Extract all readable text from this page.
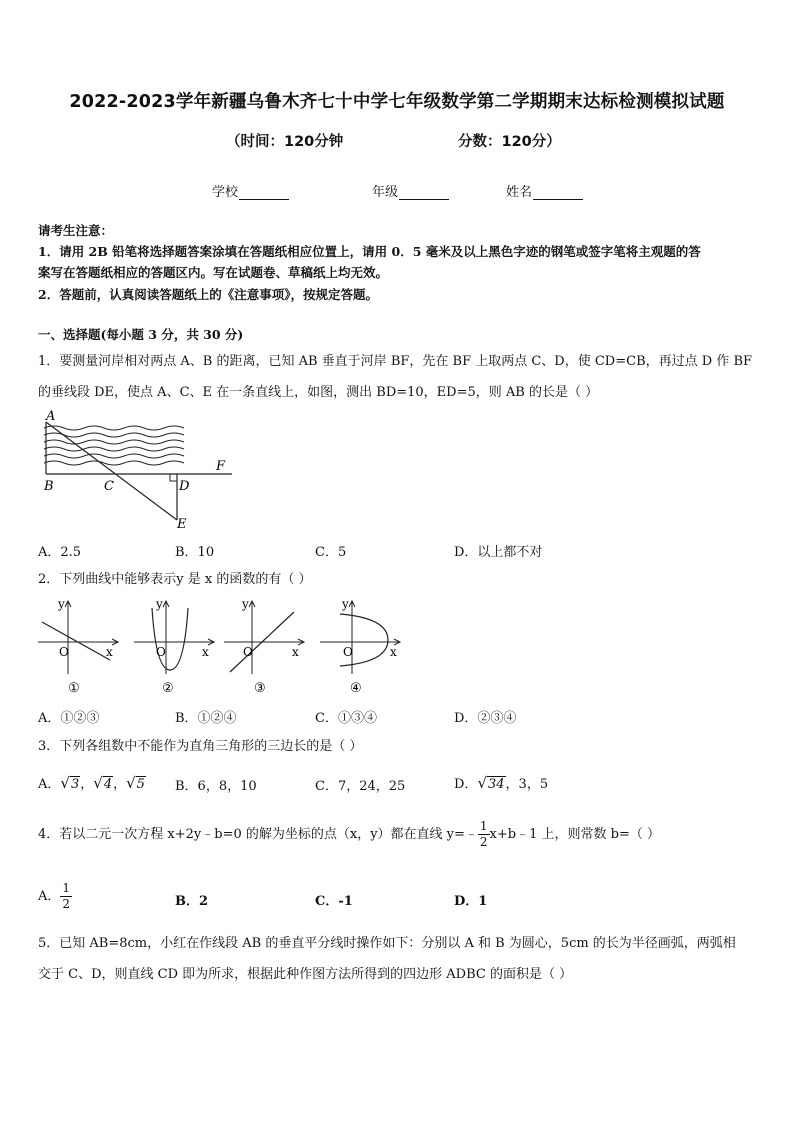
2022-2023学年新疆乌鲁木齐七十中学七年级数学第二学期期末达标检测模拟试题
（时间：120分钟	分数：120分）
学校	年级	姓名
请考生注意：
1．请用 2B 铅笔将选择题答案涂填在答题纸相应位置上，请用 0．5 毫米及以上黑色字迹的钢笔或签字笔将主观题的答
案写在答题纸相应的答题区内。写在试题卷、草稿纸上均无效。
2．答题前，认真阅读答题纸上的《注意事项》，按规定答题。
一、选择题(每小题 3 分，共 30 分)
1．要测量河岸相对两点 A、B 的距离，已知 AB 垂直于河岸 BF，先在 BF 上取两点 C、D，使 CD=CB，再过点 D 作 BF
的垂线段 DE，使点 A、C、E 在一条直线上，如图，测出 BD=10，ED=5，则 AB 的长是（ ）
A
B	C	D
E
F
A．2.5	B．10	C．5	D．以上都不对
2．下列曲线中能够表示y 是 x 的函数的有（ ）
y
x
O
①
y
x
O
②
y
x
O
③
y
x
O
④
A．①②③	B．①②④	C．①③④	D．②③④
3．下列各组数中不能作为直角三角形的三边长的是（ ）
A．√3，√4，√5 B．6，8，10	C．7，24，25	D．√34，3，5
4．若以二元一次方程 x+2y﹣b=0 的解为坐标的点（x，y）都在直线 y=﹣ $\frac{1}{2}$ x+b﹣1 上，则常数 b=（ ）
A． $\frac{1}{2}$	B．2	C．-1	D．1
5．已知 AB=8cm，小红在作线段 AB 的垂直平分线时操作如下：分别以 A 和 B 为圆心，5cm 的长为半径画弧，两弧相
交于 C、D，则直线 CD 即为所求，根据此种作图方法所得到的四边形 ADBC 的面积是（ ）
